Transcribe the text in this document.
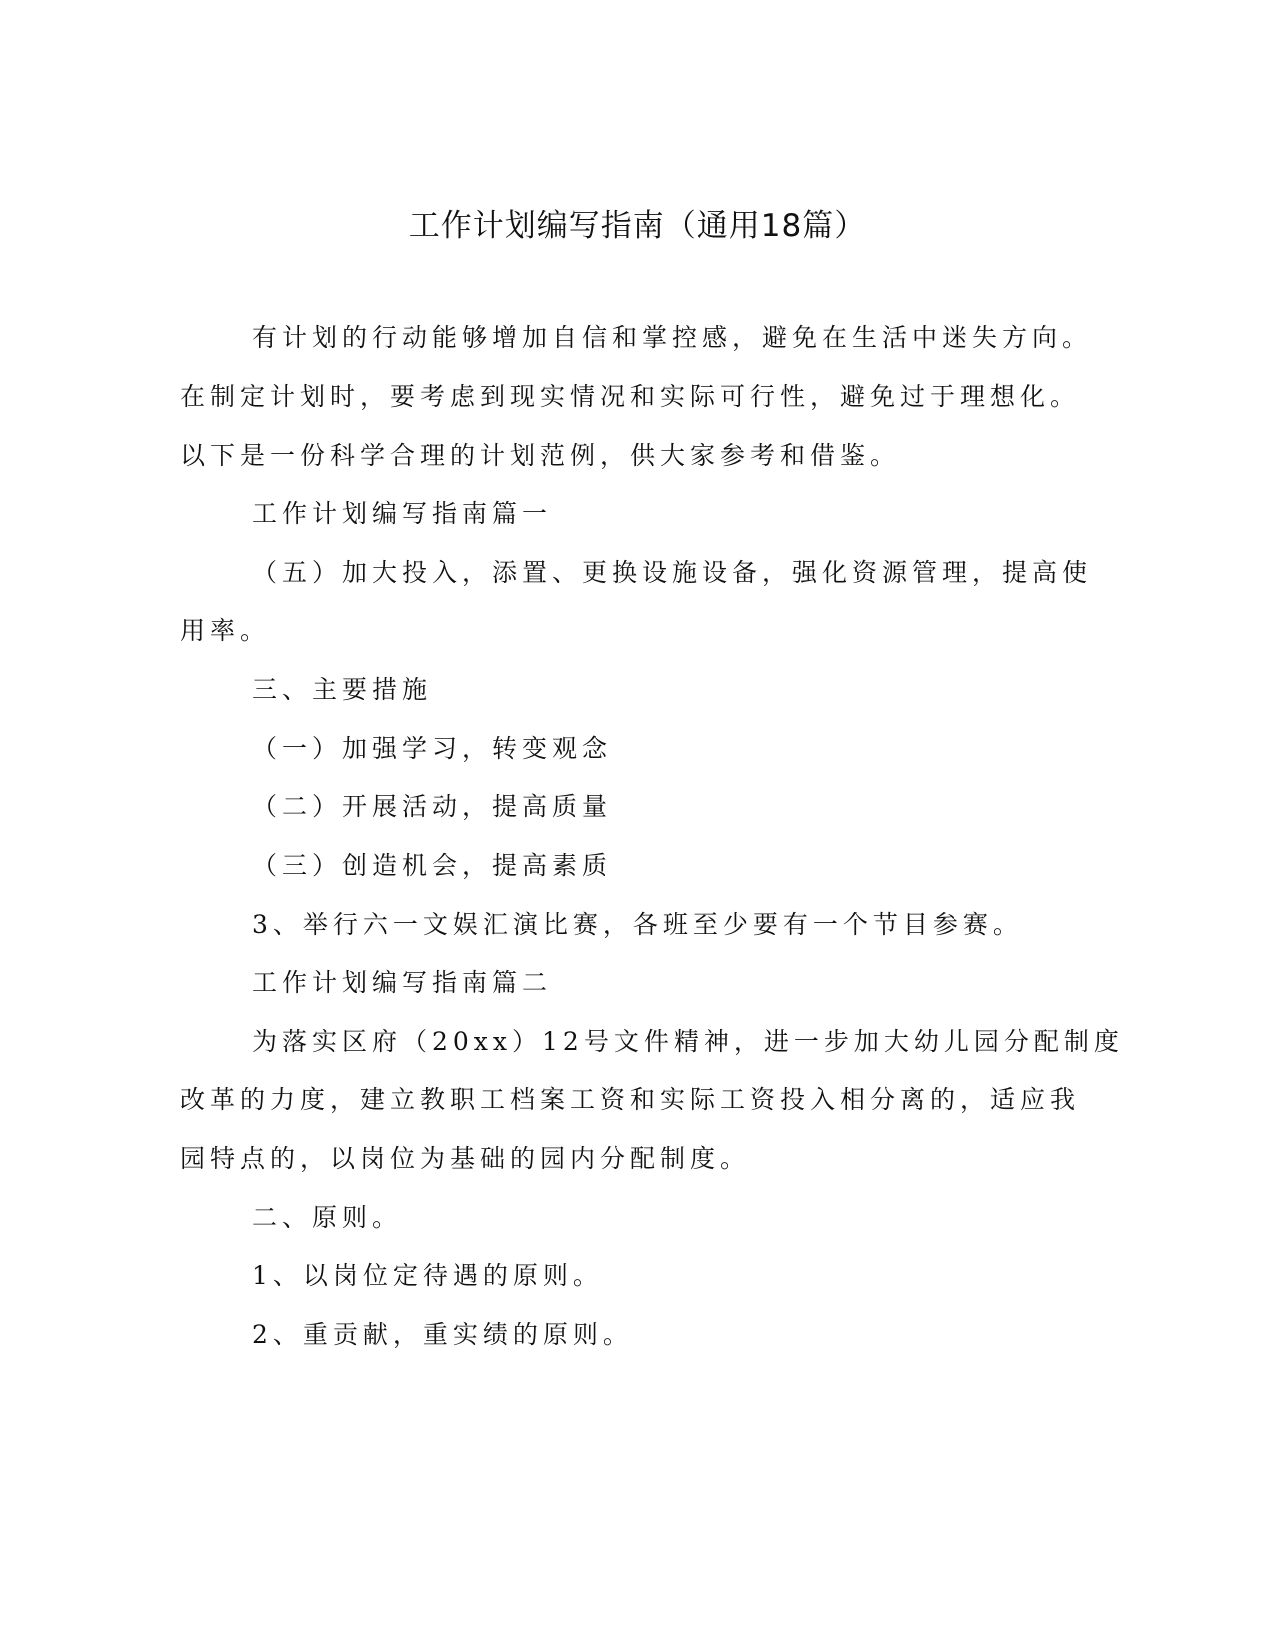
工作计划编写指南（通用18篇）
有计划的行动能够增加自信和掌控感，避免在生活中迷失方向。
在制定计划时，要考虑到现实情况和实际可行性，避免过于理想化。
以下是一份科学合理的计划范例，供大家参考和借鉴。
工作计划编写指南篇一
（五）加大投入，添置、更换设施设备，强化资源管理，提高使
用率。
三、主要措施
（一）加强学习，转变观念
（二）开展活动，提高质量
（三）创造机会，提高素质
3、举行六一文娱汇演比赛，各班至少要有一个节目参赛。
工作计划编写指南篇二
为落实区府（20xx）12号文件精神，进一步加大幼儿园分配制度
改革的力度，建立教职工档案工资和实际工资投入相分离的，适应我
园特点的，以岗位为基础的园内分配制度。
二、原则。
1、以岗位定待遇的原则。
2、重贡献，重实绩的原则。
